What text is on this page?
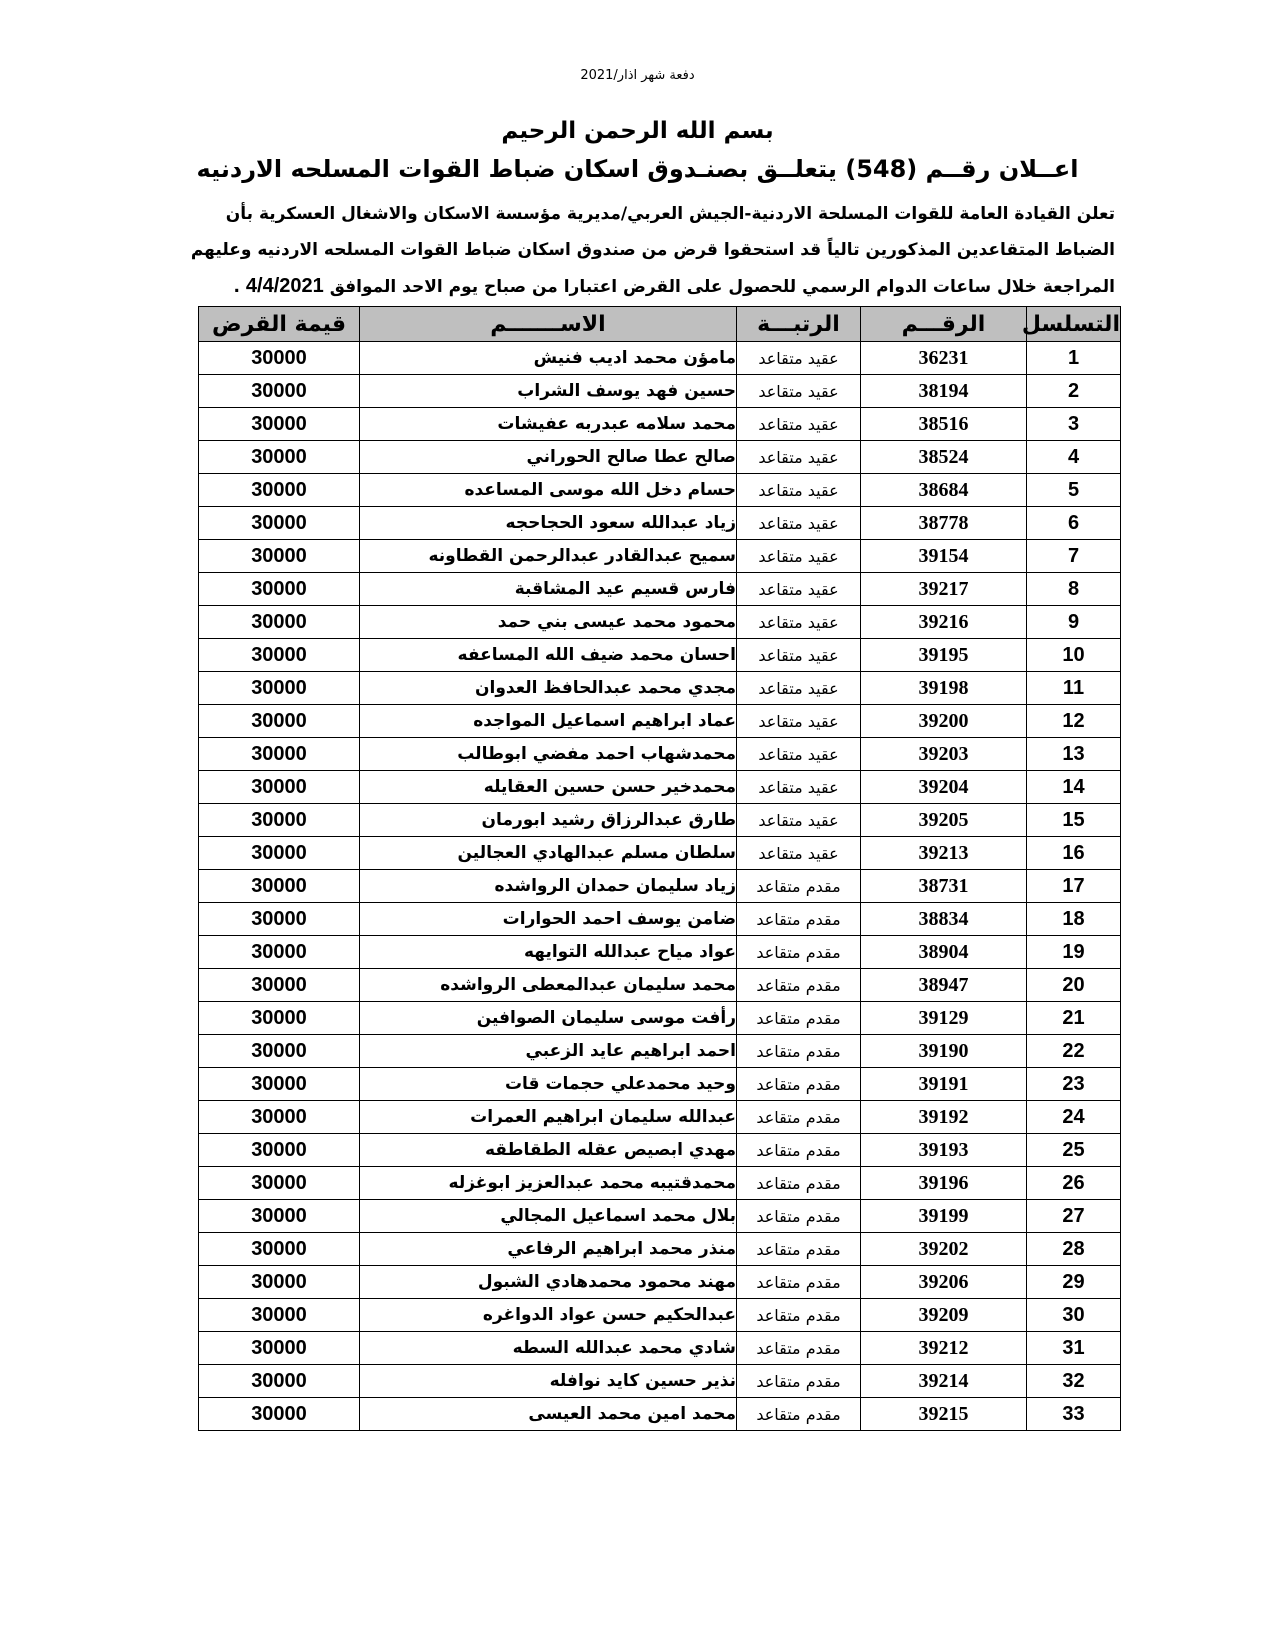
دفعة شهر اذار/2021
بسم الله الرحمن الرحيم
اعــلان رقــم (548) يتعلــق بصنـدوق اسكان ضباط القوات المسلحه الاردنيه
تعلن القيادة العامة للقوات المسلحة الاردنية-الجيش العربي/مديرية مؤسسة الاسكان والاشغال العسكرية بأن الضباط المتقاعدين المذكورين تالياً قد استحقوا قرض من صندوق اسكان ضباط القوات المسلحه الاردنيه وعليهم المراجعة خلال ساعات الدوام الرسمي للحصول على القرض اعتبارا من صباح يوم الاحد الموافق 4/4/2021 .
التسلسل	الرقـــم	الرتبـــة	الاســـــــم	قيمة القرض
1	36231	عقيد متقاعد	مامؤن محمد اديب فنيش	30000
2	38194	عقيد متقاعد	حسين فهد يوسف الشراب	30000
3	38516	عقيد متقاعد	محمد سلامه عبدربه عفيشات	30000
4	38524	عقيد متقاعد	صالح عطا صالح الحوراني	30000
5	38684	عقيد متقاعد	حسام دخل الله موسى المساعده	30000
6	38778	عقيد متقاعد	زياد عبدالله سعود الحجاحجه	30000
7	39154	عقيد متقاعد	سميح عبدالقادر عبدالرحمن القطاونه	30000
8	39217	عقيد متقاعد	فارس قسيم عيد المشاقبة	30000
9	39216	عقيد متقاعد	محمود محمد عيسى بني حمد	30000
10	39195	عقيد متقاعد	احسان محمد ضيف الله المساعفه	30000
11	39198	عقيد متقاعد	مجدي محمد عبدالحافظ العدوان	30000
12	39200	عقيد متقاعد	عماد ابراهيم اسماعيل المواجده	30000
13	39203	عقيد متقاعد	محمدشهاب احمد مفضي ابوطالب	30000
14	39204	عقيد متقاعد	محمدخير حسن حسين العقايله	30000
15	39205	عقيد متقاعد	طارق عبدالرزاق رشيد ابورمان	30000
16	39213	عقيد متقاعد	سلطان مسلم عبدالهادي العجالين	30000
17	38731	مقدم متقاعد	زياد سليمان حمدان الرواشده	30000
18	38834	مقدم متقاعد	ضامن يوسف احمد الحوارات	30000
19	38904	مقدم متقاعد	عواد مياح عبدالله التوايهه	30000
20	38947	مقدم متقاعد	محمد سليمان عبدالمعطى الرواشده	30000
21	39129	مقدم متقاعد	رأفت موسى سليمان الصوافين	30000
22	39190	مقدم متقاعد	احمد ابراهيم عايد الزعبي	30000
23	39191	مقدم متقاعد	وحيد محمدعلي حجمات قات	30000
24	39192	مقدم متقاعد	عبدالله سليمان ابراهيم العمرات	30000
25	39193	مقدم متقاعد	مهدي ابصيص عقله الطقاطقه	30000
26	39196	مقدم متقاعد	محمدقتيبه محمد عبدالعزيز ابوغزله	30000
27	39199	مقدم متقاعد	بلال محمد اسماعيل المجالي	30000
28	39202	مقدم متقاعد	منذر محمد ابراهيم الرفاعي	30000
29	39206	مقدم متقاعد	مهند محمود محمدهادي الشبول	30000
30	39209	مقدم متقاعد	عبدالحكيم حسن عواد الدواغره	30000
31	39212	مقدم متقاعد	شادي محمد عبدالله السطه	30000
32	39214	مقدم متقاعد	نذير حسين كايد نوافله	30000
33	39215	مقدم متقاعد	محمد امين محمد العيسى	30000
